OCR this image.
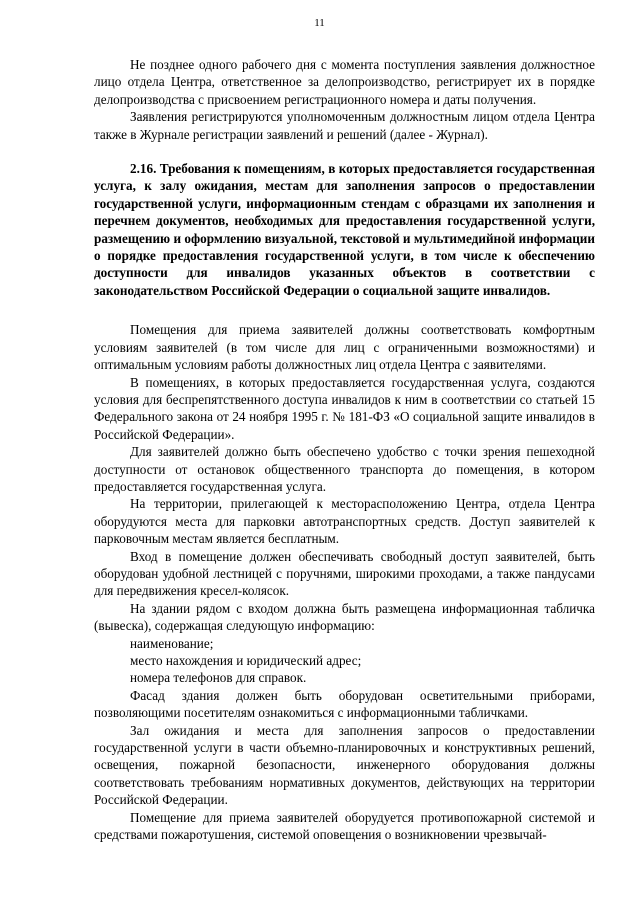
11

Не позднее одного рабочего дня с момента поступления заявления должностное лицо отдела Центра, ответственное за делопроизводство, регистрирует их в порядке делопроизводства с присвоением регистрационного номера и даты получения.

Заявления регистрируются уполномоченным должностным лицом отдела Центра также в Журнале регистрации заявлений и решений (далее - Журнал).

2.16. Требования к помещениям, в которых предоставляется государственная услуга, к залу ожидания, местам для заполнения запросов о предоставлении государственной услуги, информационным стендам с образцами их заполнения и перечнем документов, необходимых для предоставления государственной услуги, размещению и оформлению визуальной, текстовой и мультимедийной информации о порядке предоставления государственной услуги, в том числе к обеспечению доступности для инвалидов указанных объектов в соответствии с законодательством Российской Федерации о социальной защите инвалидов.

Помещения для приема заявителей должны соответствовать комфортным условиям заявителей (в том числе для лиц с ограниченными возможностями) и оптимальным условиям работы должностных лиц отдела Центра с заявителями.

В помещениях, в которых предоставляется государственная услуга, создаются условия для беспрепятственного доступа инвалидов к ним в соответствии со статьей 15 Федерального закона от 24 ноября 1995 г. № 181-ФЗ «О социальной защите инвалидов в Российской Федерации».

Для заявителей должно быть обеспечено удобство с точки зрения пешеходной доступности от остановок общественного транспорта до помещения, в котором предоставляется государственная услуга.

На территории, прилегающей к месторасположению Центра, отдела Центра оборудуются места для парковки автотранспортных средств. Доступ заявителей к парковочным местам является бесплатным.

Вход в помещение должен обеспечивать свободный доступ заявителей, быть оборудован удобной лестницей с поручнями, широкими проходами, а также пандусами для передвижения кресел-колясок.

На здании рядом с входом должна быть размещена информационная табличка (вывеска), содержащая следующую информацию:

наименование;

место нахождения и юридический адрес;

номера телефонов для справок.

Фасад здания должен быть оборудован осветительными приборами, позволяющими посетителям ознакомиться с информационными табличками.

Зал ожидания и места для заполнения запросов о предоставлении государственной услуги в части объемно-планировочных и конструктивных решений, освещения, пожарной безопасности, инженерного оборудования должны соответствовать требованиям нормативных документов, действующих на территории Российской Федерации.

Помещение для приема заявителей оборудуется противопожарной системой и средствами пожаротушения, системой оповещения о возникновении чрезвычай-
